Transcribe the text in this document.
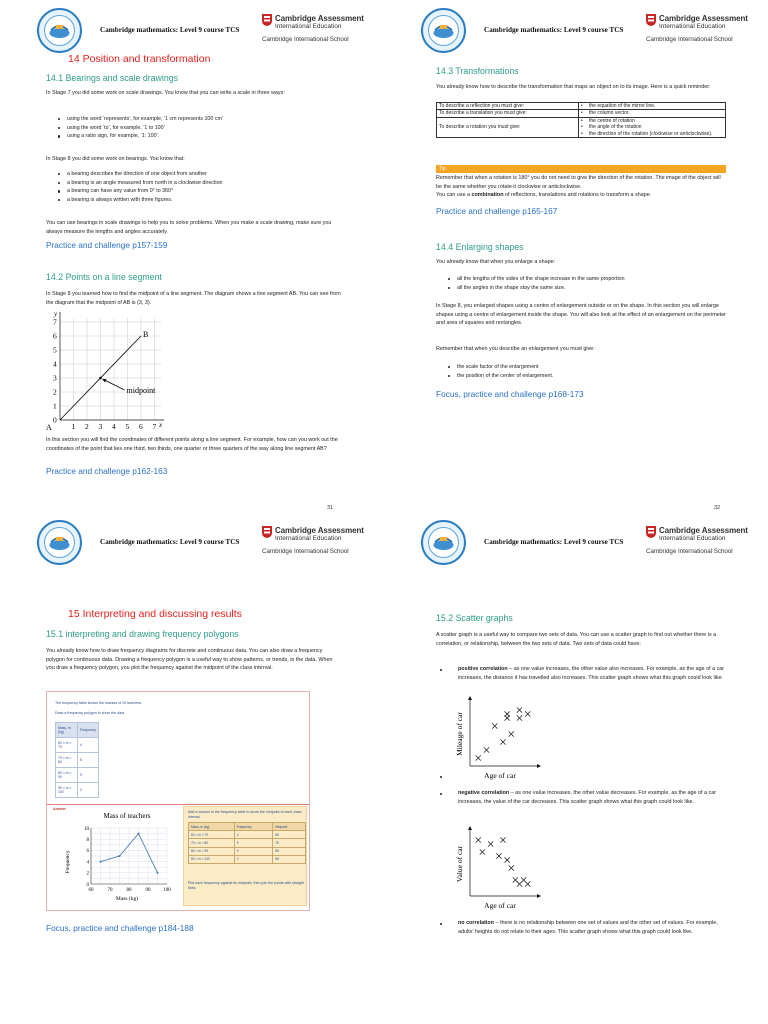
Cambridge mathematics: Level 9 course TCS
Cambridge Assessment
International Education
Cambridge International School
14 Position and transformation
14.1 Bearings and scale drawings
In Stage 7 you did some work on scale drawings. You know that you can write a scale in three ways:
using the word ‘represents’, for example, ‘1 cm represents 100 cm’
using the word ‘to’, for example, ‘1 to 100’
using a ratio sign, for example, ‘1: 100’.
In Stage 8 you did some work on bearings. You know that:
a bearing describes the direction of one object from another
a bearing is an angle measured from north in a clockwise direction
a bearing can have any value from 0° to 360°
a bearing is always written with three figures.
You can use bearings in scale drawings to help you to solve problems. When you make a scale drawing, make sure you always measure the lengths and angles accurately.
Practice and challenge p157-159
14.2 Points on a line segment
In Stage 8 you learned how to find the midpoint of a line segment. The diagram shows a line segment AB. You can see from the diagram that the midpoint of AB is (3, 3).
y
x
7
6
5
4
3
2
1
0
1 2 3 4 5 6 7
A
B
midpoint
In this section you will find the coordinates of different points along a line segment. For example, how can you work out the coordinates of the point that lies one third, two thirds, one quarter or three quarters of the way along line segment AB?
Practice and challenge p162-163
31
Cambridge mathematics: Level 9 course TCS
Cambridge Assessment
International Education
Cambridge International School
14.3 Transformations
You already know how to describe the transformation that maps an object on to its image. Here is a quick reminder:
To describe a reflection you must give:	• the equation of the mirror line.
To describe a translation you must give:	• the column vector.
To describe a rotation you must give:	• the centre of rotation
• the angle of the rotation
• the direction of the rotation (clockwise or anticlockwise).
Tip
Remember that when a rotation is 180° you do not need to give the direction of the rotation. The image of the object will be the same whether you rotate it clockwise or anticlockwise.
You can use a combination of reflections, translations and rotations to transform a shape.
Practice and challenge p165-167
14.4 Enlarging shapes
You already know that when you enlarge a shape:
all the lengths of the sides of the shape increase in the same proportion
all the angles in the shape stay the same size.
In Stage 8, you enlarged shapes using a centre of enlargement outside or on the shape. In this section you will enlarge shapes using a centre of enlargement inside the shape. You will also look at the effect of an enlargement on the perimeter and area of squares and rectangles.
Remember that when you describe an enlargement you must give:
the scale factor of the enlargement
the position of the center of enlargement.
Focus, practice and challenge p168-173
32
Cambridge mathematics: Level 9 course TCS
Cambridge Assessment
International Education
Cambridge International School
15 Interpreting and discussing results
15.1 interpreting and drawing frequency polygons
You already know how to draw frequency diagrams for discrete and continuous data. You can also draw a frequency polygon for continuous data. Drawing a frequency polygon is a useful way to show patterns, or trends, in the data. When you draw a frequency polygon, you plot the frequency against the midpoint of the class interval.
Focus, practice and challenge p184-188
The frequency table shows the masses of 20 teachers.
Draw a frequency polygon to show the data.
Mass, m (kg)	Frequency
60 < m < 70	4
70 < m < 80	5
80 < m < 90	9
90 < m < 100	2
Answer
Mass of teachers
60	70	80	90	100
10
8
6
4
2
0
Mass (kg)
Frequency
Add a column to the frequency table to show the midpoint of each class interval.
Mass, m (kg)	Frequency	Midpoint
60 < m < 70	4	65
70 < m < 80	5	75
80 < m < 90	9	85
90 < m < 100	2	95
Plot each frequency against its midpoint, then join the points with straight lines.
Cambridge mathematics: Level 9 course TCS
Cambridge Assessment
International Education
Cambridge International School
15.2 Scatter graphs
A scatter graph is a useful way to compare two sets of data. You can use a scatter graph to find out whether there is a correlation, or relationship, between the two sets of data. Two sets of data could have:
positive correlation – as one value increases, the other value also increases. For example, as the age of a car increases, the distance it has travelled also increases. This scatter graph shows what this graph could look like.
Age of car
Mileage of car
negative correlation – as one value increases, the other value decreases. For example, as the age of a car increases, the value of the car decreases. This scatter graph shows what this graph could look like.
Age of car
Value of car
no correlation – there is no relationship between one set of values and the other set of values. For example, adults’ heights do not relate to their ages. This scatter graph shows what this graph could look like.
